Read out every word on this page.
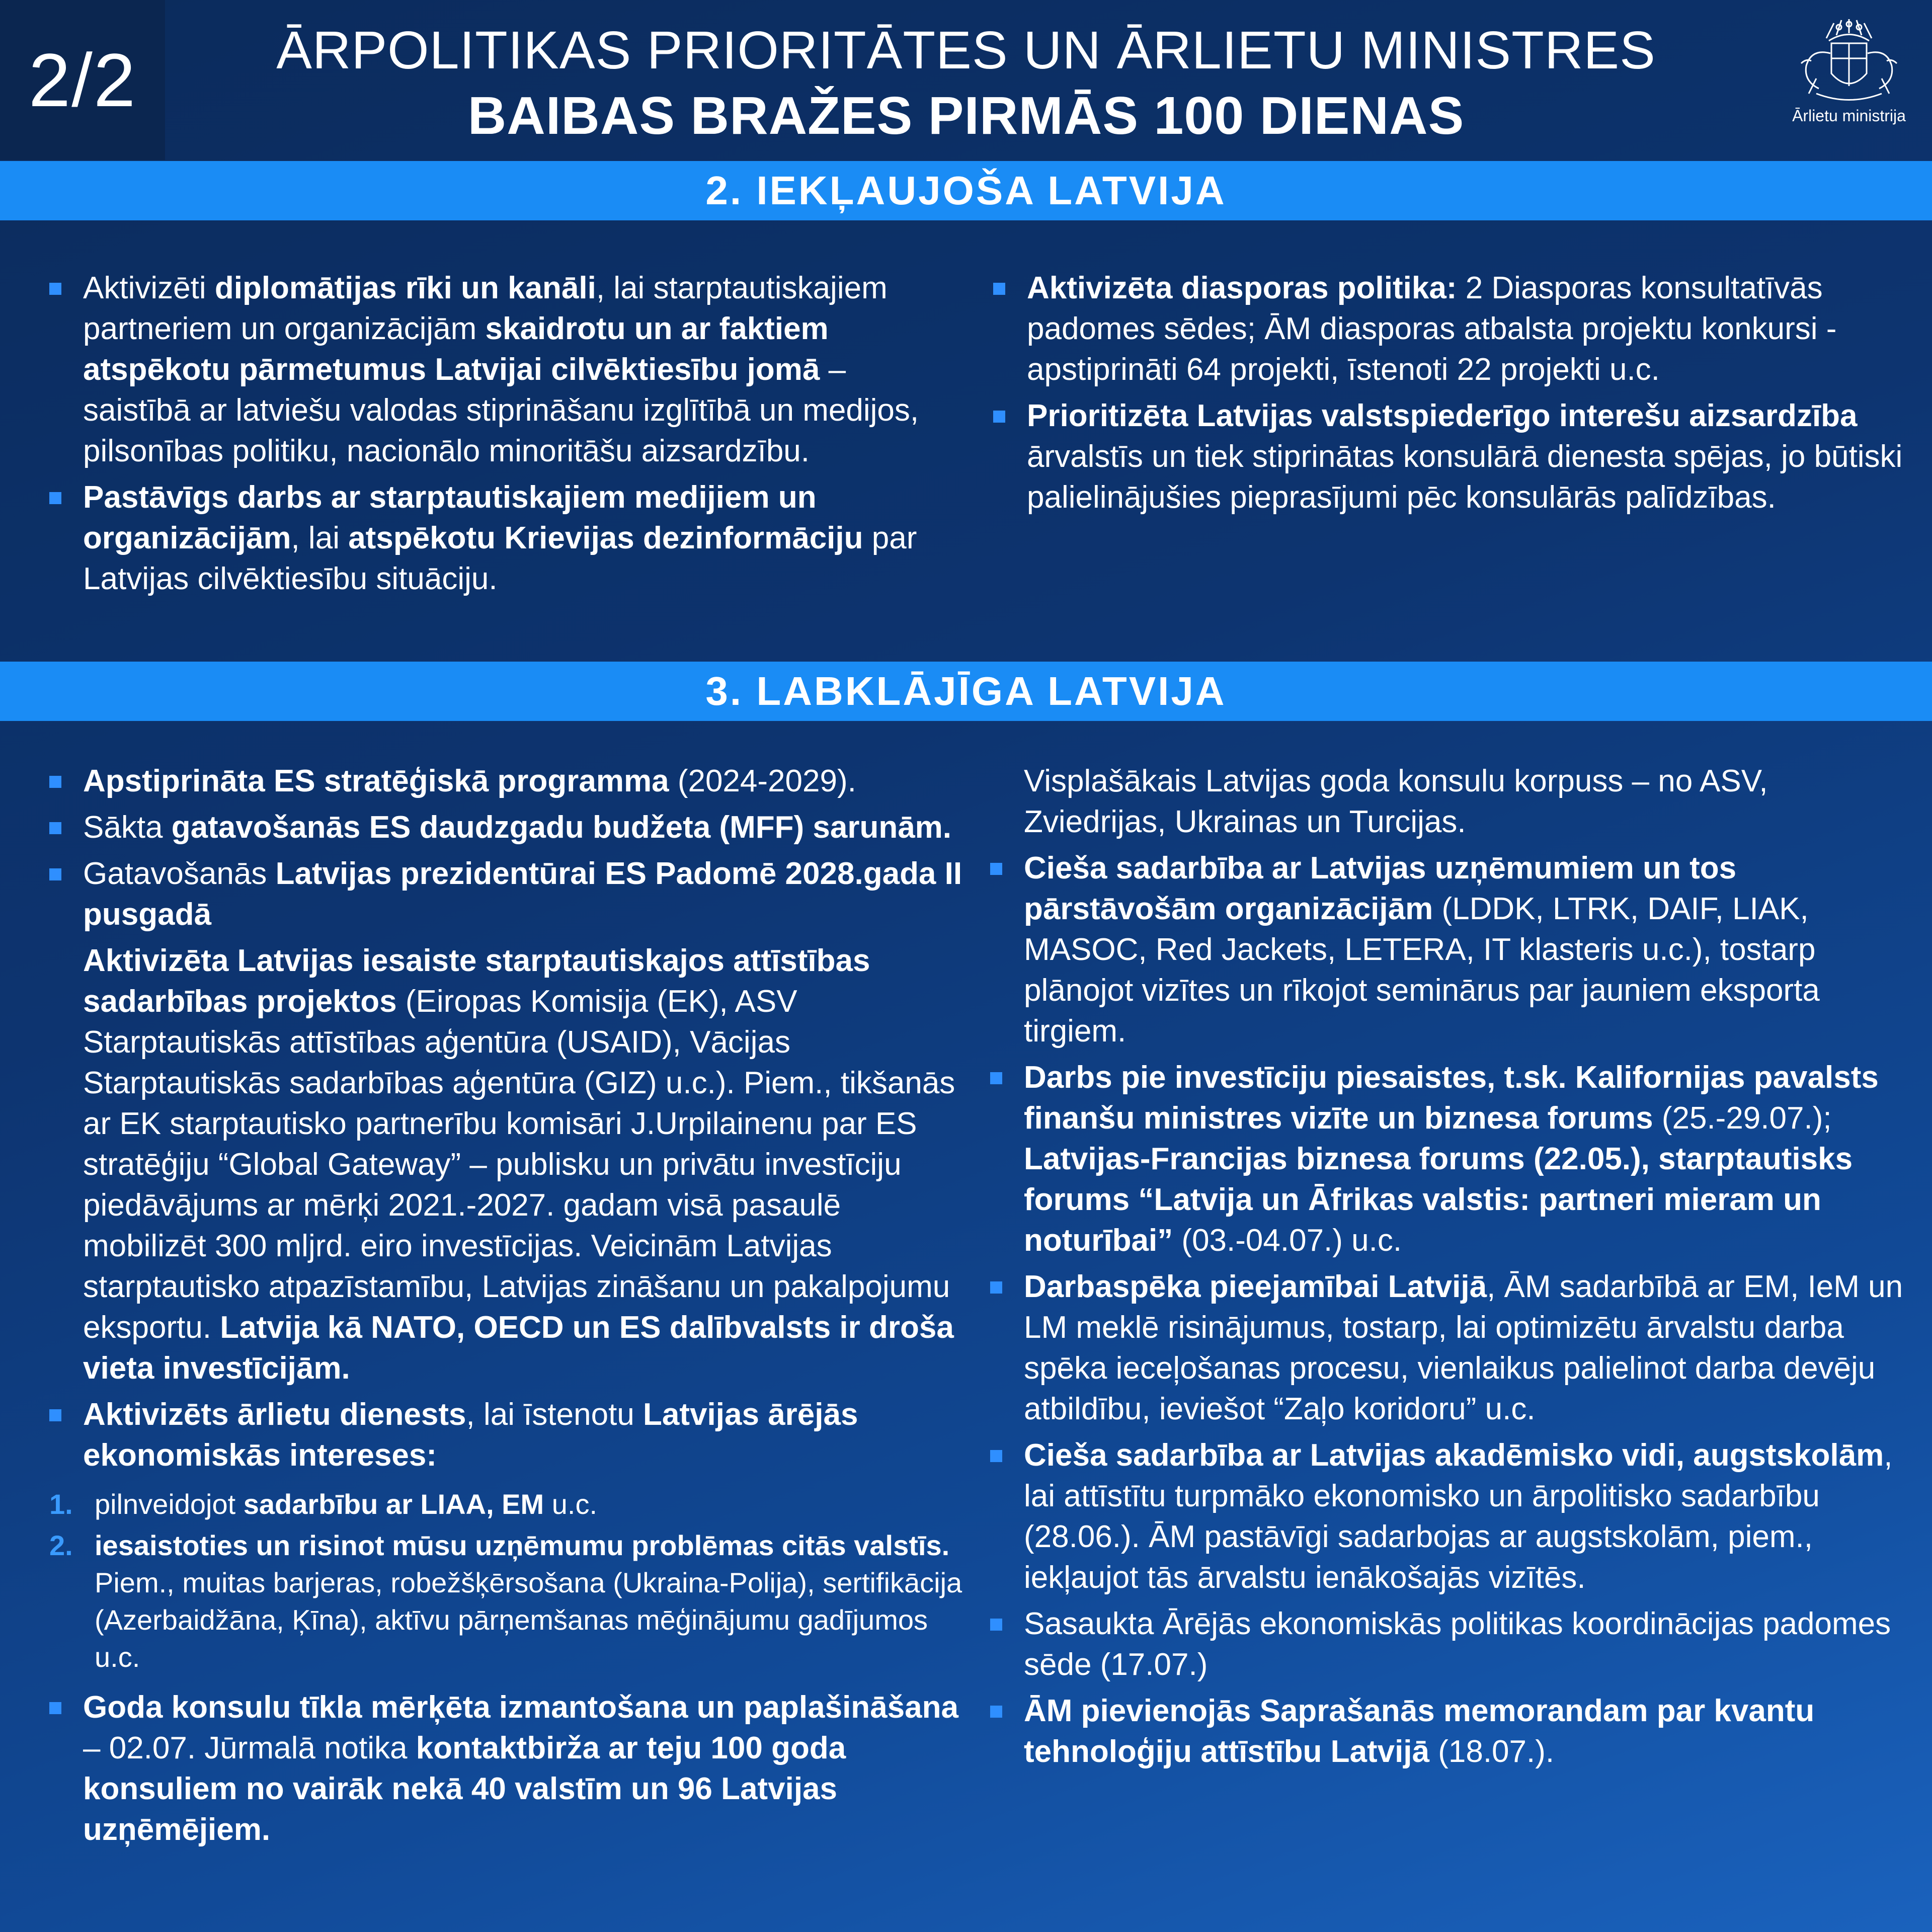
2/2	ĀRPOLITIKAS PRIORITĀTES UN ĀRLIETU MINISTRES
BAIBAS BRAŽES PIRMĀS 100 DIENAS	Ārlietu ministrija
2. IEKĻAUJOŠA LATVIJA
Aktivizēti diplomātijas rīki un kanāli, lai starptautiskajiem partneriem un organizācijām skaidrotu un ar faktiem atspēkotu pārmetumus Latvijai cilvēktiesību jomā – saistībā ar latviešu valodas stiprināšanu izglītībā un medijos, pilsonības politiku, nacionālo minoritāšu aizsardzību.
Pastāvīgs darbs ar starptautiskajiem medijiem un organizācijām, lai atspēkotu Krievijas dezinformāciju par Latvijas cilvēktiesību situāciju.
Aktivizēta diasporas politika: 2 Diasporas konsultatīvās padomes sēdes; ĀM diasporas atbalsta projektu konkursi - apstiprināti 64 projekti, īstenoti 22 projekti u.c.
Prioritizēta Latvijas valstspiederīgo interešu aizsardzība ārvalstīs un tiek stiprinātas konsulārā dienesta spējas, jo būtiski palielinājušies pieprasījumi pēc konsulārās palīdzības.
3. LABKLĀJĪGA LATVIJA
Apstiprināta ES stratēģiskā programma (2024-2029).
Sākta gatavošanās ES daudzgadu budžeta (MFF) sarunām.
Gatavošanās Latvijas prezidentūrai ES Padomē 2028.gada II pusgadā
Aktivizēta Latvijas iesaiste starptautiskajos attīstības sadarbības projektos (Eiropas Komisija (EK), ASV Starptautiskās attīstības aģentūra (USAID), Vācijas Starptautiskās sadarbības aģentūra (GIZ) u.c.). Piem., tikšanās ar EK starptautisko partnerību komisāri J.Urpilainenu par ES stratēģiju “Global Gateway” – publisku un privātu investīciju piedāvājums ar mērķi 2021.-2027. gadam visā pasaulē mobilizēt 300 mljrd. eiro investīcijas. Veicinām Latvijas starptautisko atpazīstamību, Latvijas zināšanu un pakalpojumu eksportu. Latvija kā NATO, OECD un ES dalībvalsts ir droša vieta investīcijām.
Aktivizēts ārlietu dienests, lai īstenotu Latvijas ārējās ekonomiskās intereses:
1. pilnveidojot sadarbību ar LIAA, EM u.c.
2. iesaistoties un risinot mūsu uzņēmumu problēmas citās valstīs. Piem., muitas barjeras, robežšķērsošana (Ukraina-Polija), sertifikācija (Azerbaidžāna, Ķīna), aktīvu pārņemšanas mēģinājumu gadījumos u.c.
Goda konsulu tīkla mērķēta izmantošana un paplašināšana – 02.07. Jūrmalā notika kontaktbirža ar teju 100 goda konsuliem no vairāk nekā 40 valstīm un 96 Latvijas uzņēmējiem.
Visplašākais Latvijas goda konsulu korpuss – no ASV, Zviedrijas, Ukrainas un Turcijas.
Cieša sadarbība ar Latvijas uzņēmumiem un tos pārstāvošām organizācijām (LDDK, LTRK, DAIF, LIAK, MASOC, Red Jackets, LETERA, IT klasteris u.c.), tostarp plānojot vizītes un rīkojot seminārus par jauniem eksporta tirgiem.
Darbs pie investīciju piesaistes, t.sk. Kalifornijas pavalsts finanšu ministres vizīte un biznesa forums (25.-29.07.); Latvijas-Francijas biznesa forums (22.05.), starptautisks forums “Latvija un Āfrikas valstis: partneri mieram un noturībai” (03.-04.07.) u.c.
Darbaspēka pieejamībai Latvijā, ĀM sadarbībā ar EM, IeM un LM meklē risinājumus, tostarp, lai optimizētu ārvalstu darba spēka ieceļošanas procesu, vienlaikus palielinot darba devēju atbildību, ieviešot “Zaļo koridoru” u.c.
Cieša sadarbība ar Latvijas akadēmisko vidi, augstskolām, lai attīstītu turpmāko ekonomisko un ārpolitisko sadarbību (28.06.). ĀM pastāvīgi sadarbojas ar augstskolām, piem., iekļaujot tās ārvalstu ienākošajās vizītēs.
Sasaukta Ārējās ekonomiskās politikas koordinācijas padomes sēde (17.07.)
ĀM pievienojās Saprašanās memorandam par kvantu tehnoloģiju attīstību Latvijā (18.07.).
